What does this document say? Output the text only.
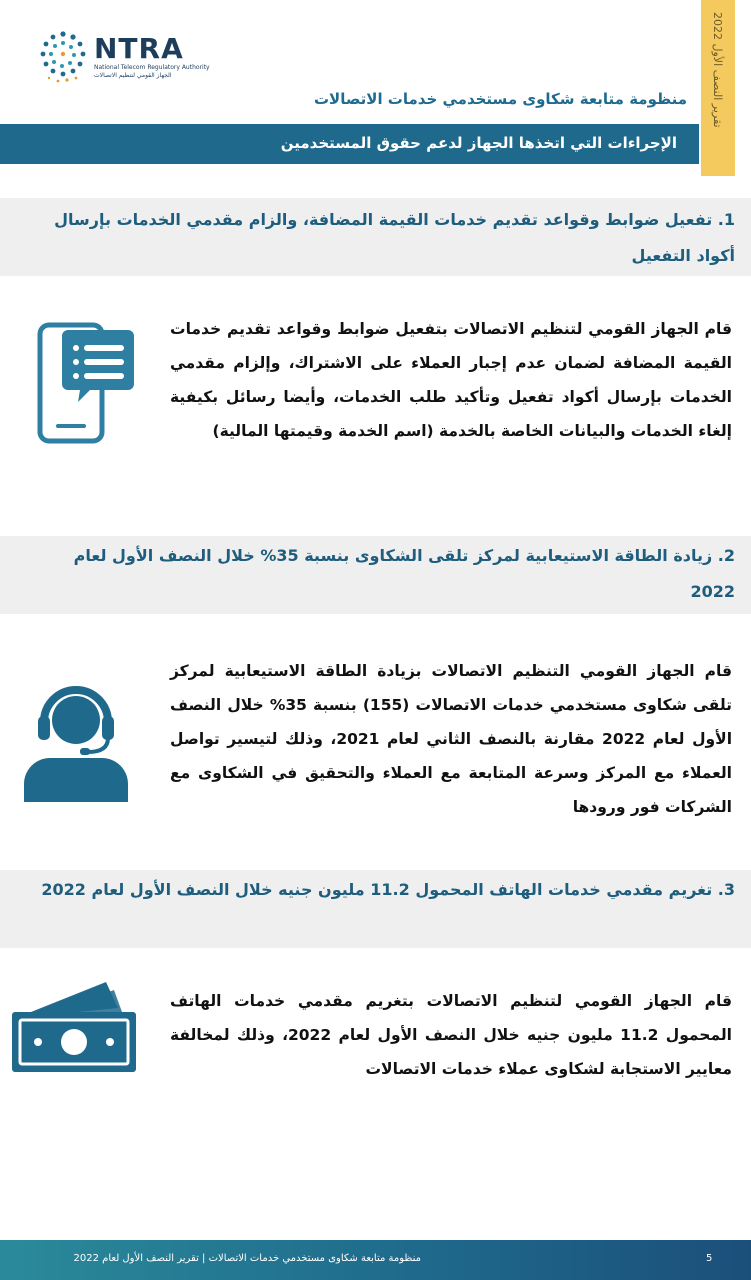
NTRA
National Telecom Regulatory Authority
الجهاز القومي لتنظيم الاتصالات
تقرير النصف الأول 2022
منظومة متابعة شكاوى مستخدمي خدمات الاتصالات
الإجراءات التي اتخذها الجهاز لدعم حقوق المستخدمين
1. تفعيل ضوابط وقواعد تقديم خدمات القيمة المضافة، والزام مقدمي الخدمات بإرسال أكواد التفعيل
قام الجهاز القومي لتنظيم الاتصالات بتفعيل ضوابط وقواعد تقديم خدمات القيمة المضافة لضمان عدم إجبار العملاء على الاشتراك، وإلزام مقدمي الخدمات بإرسال أكواد تفعيل وتأكيد طلب الخدمات، وأيضا رسائل بكيفية إلغاء الخدمات والبيانات الخاصة بالخدمة (اسم الخدمة وقيمتها المالية)
2. زيادة الطاقة الاستيعابية لمركز تلقى الشكاوى بنسبة 35% خلال النصف الأول لعام 2022
قام الجهاز القومي التنظيم الاتصالات بزيادة الطاقة الاستيعابية لمركز تلقى شكاوى مستخدمي خدمات الاتصالات (155) بنسبة 35% خلال النصف الأول لعام 2022 مقارنة بالنصف الثاني لعام 2021، وذلك لتيسير تواصل العملاء مع المركز وسرعة المتابعة مع العملاء والتحقيق في الشكاوى مع الشركات فور ورودها
3. تغريم مقدمي خدمات الهاتف المحمول 11.2 مليون جنيه خلال النصف الأول لعام 2022
قام الجهاز القومي لتنظيم الاتصالات بتغريم مقدمي خدمات الهاتف المحمول 11.2 مليون جنيه خلال النصف الأول لعام 2022، وذلك لمخالفة معايير الاستجابة لشكاوى عملاء خدمات الاتصالات
منظومة متابعة شكاوى مستخدمي خدمات الاتصالات | تقرير النصف الأول لعام 2022	5
